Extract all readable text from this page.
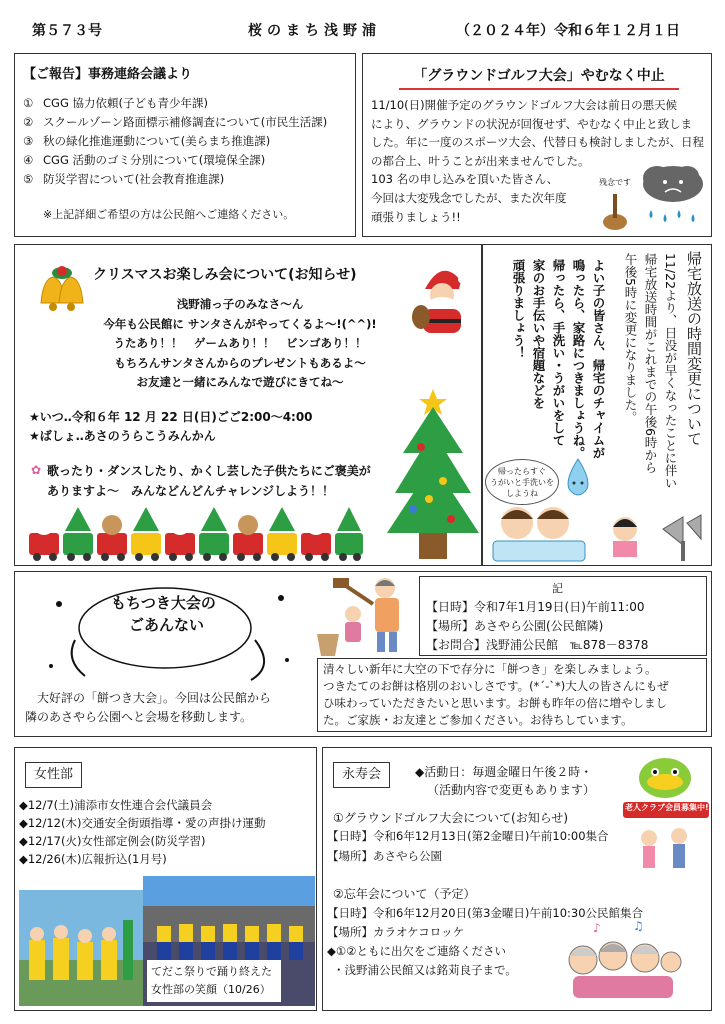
第５７３号	桜のまち浅野浦	（２０２４年）令和６年１２月１日
【ご報告】事務連絡会議より
① CGG 協力依頼(子ども青少年課)
② スクールゾーン路面標示補修調査について(市民生活課)
③ 秋の緑化推進運動について(美らまち推進課)
④ CGG 活動のゴミ分別について(環境保全課)
⑤ 防災学習について(社会教育推進課)
※上記詳細ご希望の方は公民館へご連絡ください。
「グラウンドゴルフ大会」やむなく中止
11/10(日)開催予定のグラウンドゴルフ大会は前日の悪天候
により、グラウンドの状況が回復せず、やむなく中止と致しま
した。年に一度のスポーツ大会、代替日も検討しましたが、日程
の都合上、叶うことが出来ませんでした。
103 名の申し込みを頂いた皆さん、
今回は大変残念でしたが、また次年度
頑張りましょう!!
残念です
クリスマスお楽しみ会について(お知らせ)
浅野浦っ子のみなさ～ん
今年も公民館に サンタさんがやってくるよ～!(^^)!
うたあり！！　ゲームあり！！　ビンゴあり！！
もちろんサンタさんからのプレゼントもあるよ～
お友達と一緒にみんなで遊びにきてね～
★いつ‥令和６年 12 月 22 日(日)ごご2:00～4:00
★ばしょ‥あさのうらこうみんかん
✿ 歌ったり・ダンスしたり、かくし芸した子供たちにご褒美が
ありますよ～　みんなどんどんチャレンジしよう！！
帰宅放送の時間変更について
11/22より、日没が早くなったことに伴い
帰宅放送時間がこれまでの午後6時から
午後5時に変更になりました。
よい子の皆さん、帰宅のチャイムが
鳴ったら、家路につきましょうね。
帰ったら、手洗い・うがいをして
家のお手伝いや宿題などを
頑張りましょう！
帰ったらすぐ
うがいと手洗いを
しようね
もちつき大会の
ごあんない
大好評の「餅つき大会」。今回は公民館から
隣のあさやら公園へと会場を移動します。
記
【日時】令和7年1月19日(日)午前11:00
【場所】あさやら公園(公民館隣)
【お問合】浅野浦公民館　℡878－8378
清々しい新年に大空の下で存分に「餅つき」を楽しみましょう。
つきたてのお餅は格別のおいしさです。(*´-`*)大人の皆さんにもぜ
ひ味わっていただきたいと思います。お餅も昨年の倍に増やしまし
た。ご家族・お友達とご参加ください。お待ちしています。
女性部
◆12/7(土)浦添市女性連合会代議員会
◆12/12(木)交通安全街頭指導・愛の声掛け運動
◆12/17(火)女性部定例会(防災学習)
◆12/26(木)広報折込(1月号)
てだこ祭りで踊り終えた
女性部の笑顔（10/26）
永寿会	◆活動日：毎週金曜日午後２時・
（活動内容で変更もあります）
老人クラブ会員募集中!
①グラウンドゴルフ大会について(お知らせ)
【日時】令和6年12月13日(第2金曜日)午前10:00集合
【場所】あさやら公園
②忘年会について（予定）
【日時】令和6年12月20日(第3金曜日)午前10:30公民館集合
【場所】カラオケコロッケ
◆①②ともに出欠をご連絡ください
・浅野浦公民館又は銘苅良子まで。
♪	♫
